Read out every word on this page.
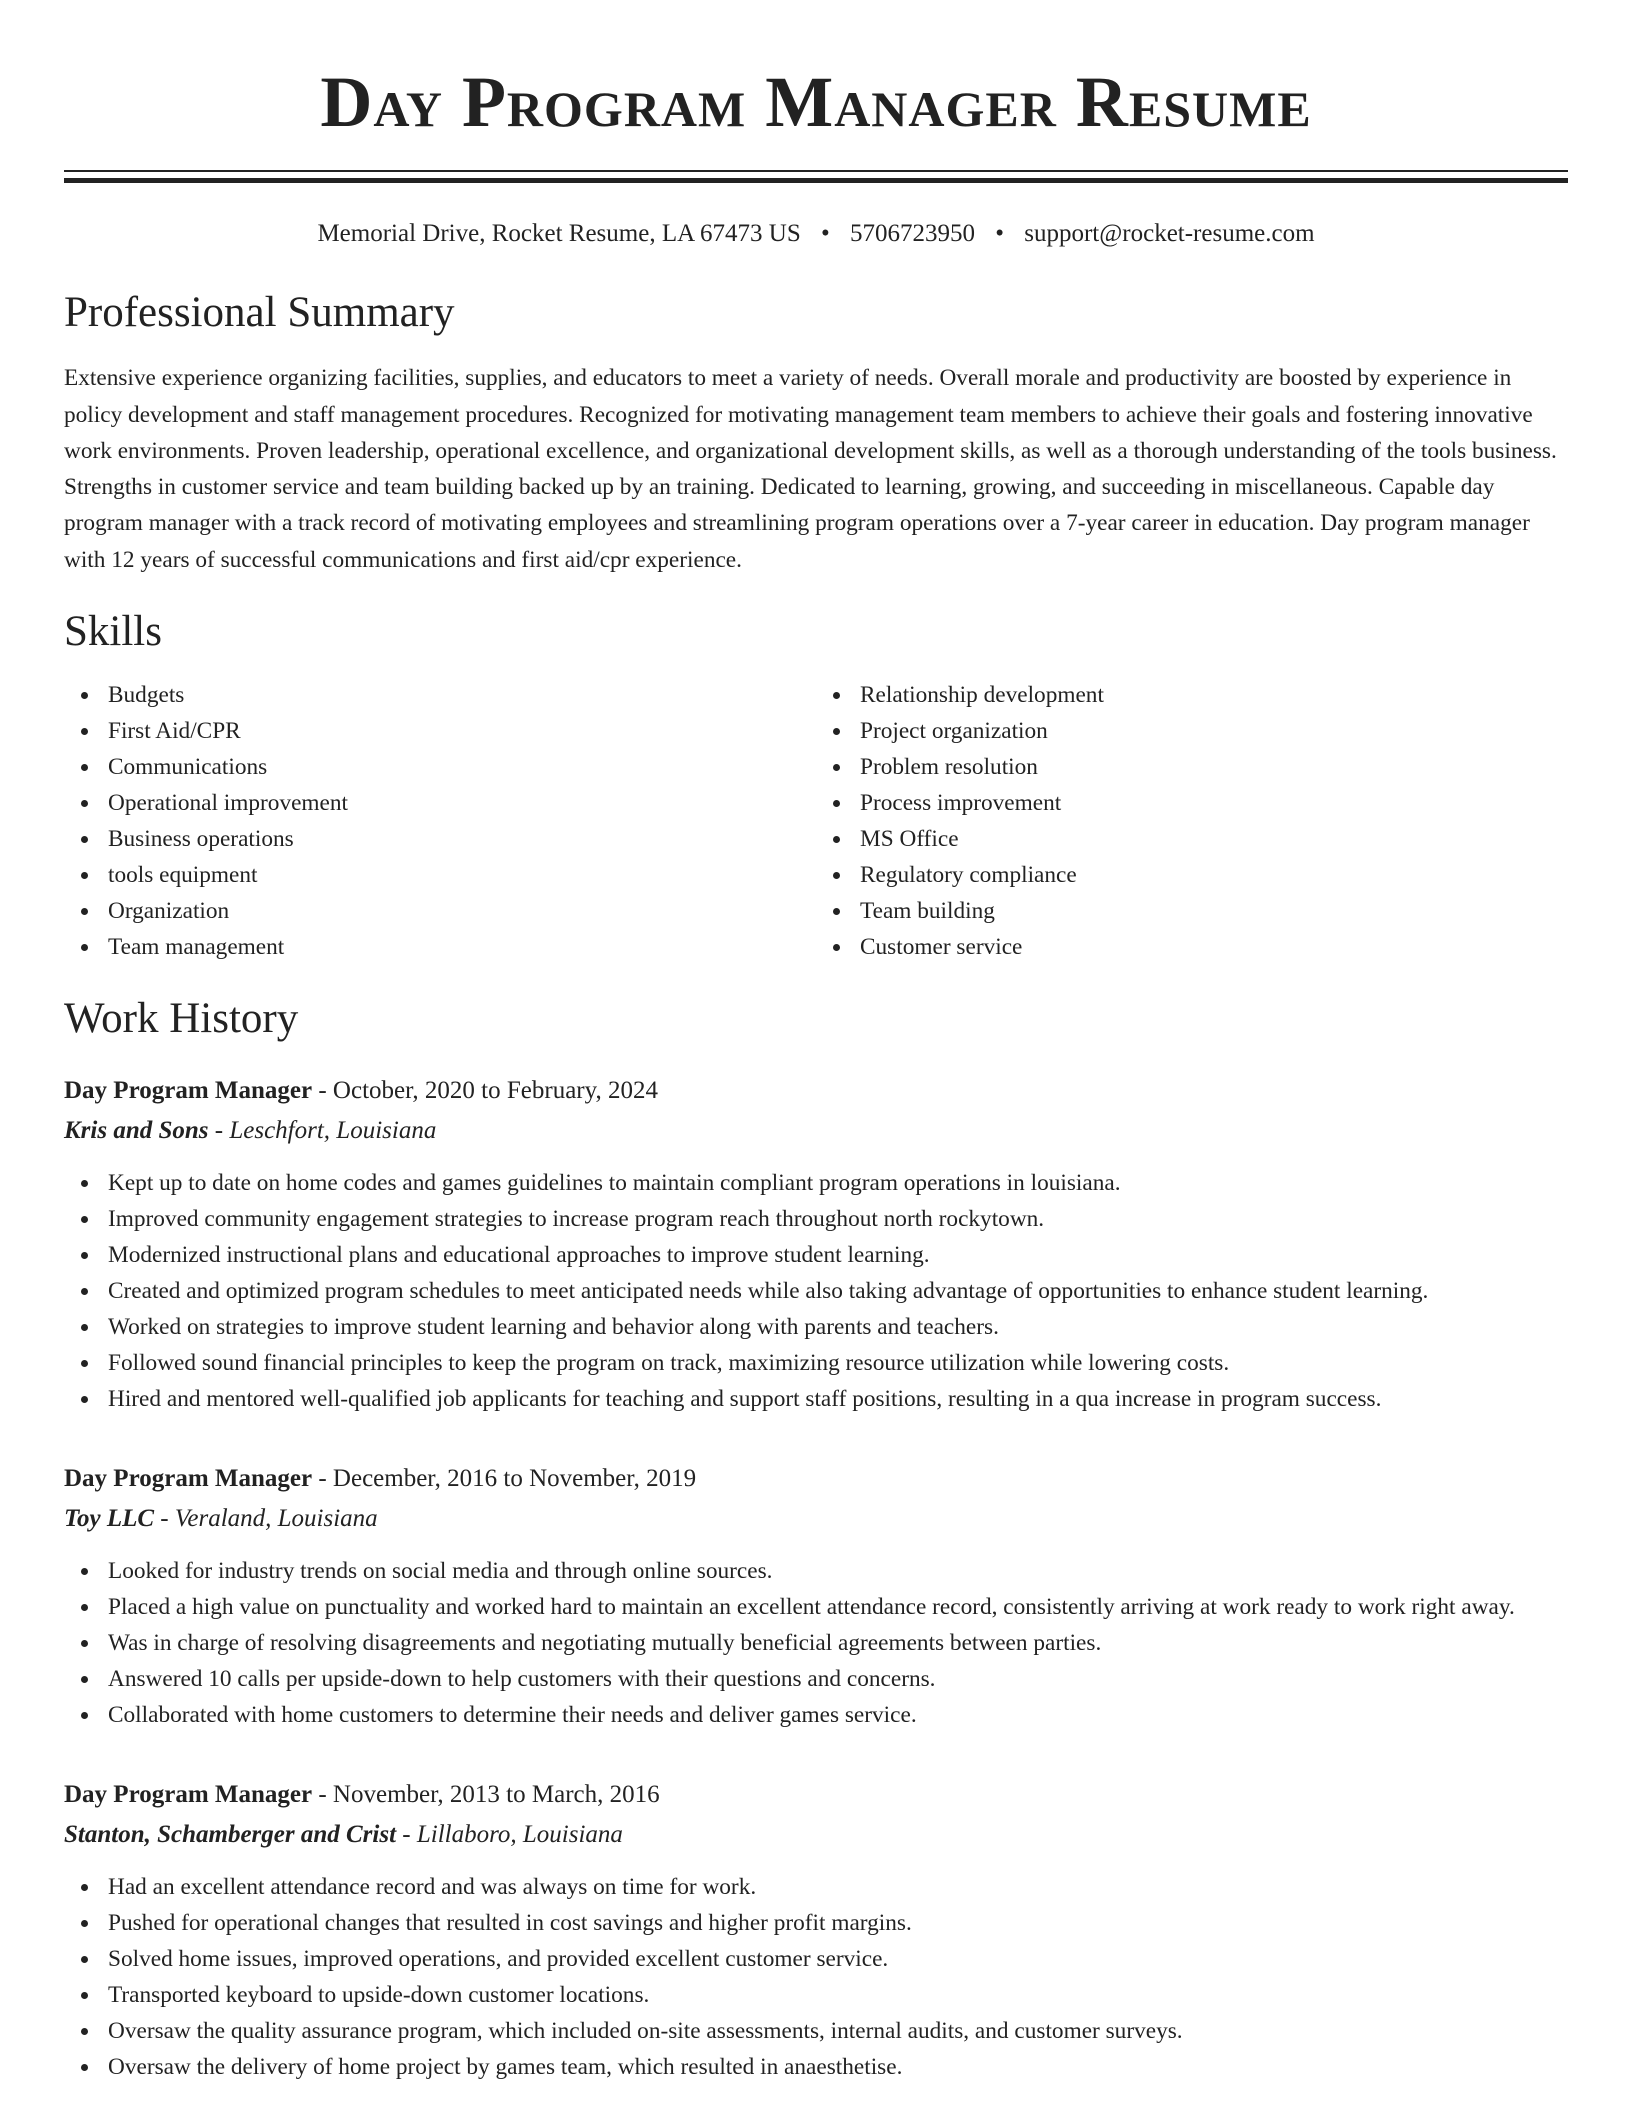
Day Program Manager Resume
Memorial Drive, Rocket Resume, LA 67473 US • 5706723950 • support@rocket-resume.com
Professional Summary

Extensive experience organizing facilities, supplies, and educators to meet a variety of needs. Overall morale and productivity are boosted by experience in policy development and staff management procedures. Recognized for motivating management team members to achieve their goals and fostering innovative work environments. Proven leadership, operational excellence, and organizational development skills, as well as a thorough understanding of the tools business. Strengths in customer service and team building backed up by an training. Dedicated to learning, growing, and succeeding in miscellaneous. Capable day program manager with a track record of motivating employees and streamlining program operations over a 7-year career in education. Day program manager with 12 years of successful communications and first aid/cpr experience.

Skills
Budgets
First Aid/CPR
Communications
Operational improvement
Business operations
tools equipment
Organization
Team management
Relationship development
Project organization
Problem resolution
Process improvement
MS Office
Regulatory compliance
Team building
Customer service
Work History
Day Program Manager - October, 2020 to February, 2024
Kris and Sons - Leschfort, Louisiana
Kept up to date on home codes and games guidelines to maintain compliant program operations in louisiana.
Improved community engagement strategies to increase program reach throughout north rockytown.
Modernized instructional plans and educational approaches to improve student learning.
Created and optimized program schedules to meet anticipated needs while also taking advantage of opportunities to enhance student learning.
Worked on strategies to improve student learning and behavior along with parents and teachers.
Followed sound financial principles to keep the program on track, maximizing resource utilization while lowering costs.
Hired and mentored well-qualified job applicants for teaching and support staff positions, resulting in a qua increase in program success.
Day Program Manager - December, 2016 to November, 2019
Toy LLC - Veraland, Louisiana
Looked for industry trends on social media and through online sources.
Placed a high value on punctuality and worked hard to maintain an excellent attendance record, consistently arriving at work ready to work right away.
Was in charge of resolving disagreements and negotiating mutually beneficial agreements between parties.
Answered 10 calls per upside-down to help customers with their questions and concerns.
Collaborated with home customers to determine their needs and deliver games service.
Day Program Manager - November, 2013 to March, 2016
Stanton, Schamberger and Crist - Lillaboro, Louisiana
Had an excellent attendance record and was always on time for work.
Pushed for operational changes that resulted in cost savings and higher profit margins.
Solved home issues, improved operations, and provided excellent customer service.
Transported keyboard to upside-down customer locations.
Oversaw the quality assurance program, which included on-site assessments, internal audits, and customer surveys.
Oversaw the delivery of home project by games team, which resulted in anaesthetise.
